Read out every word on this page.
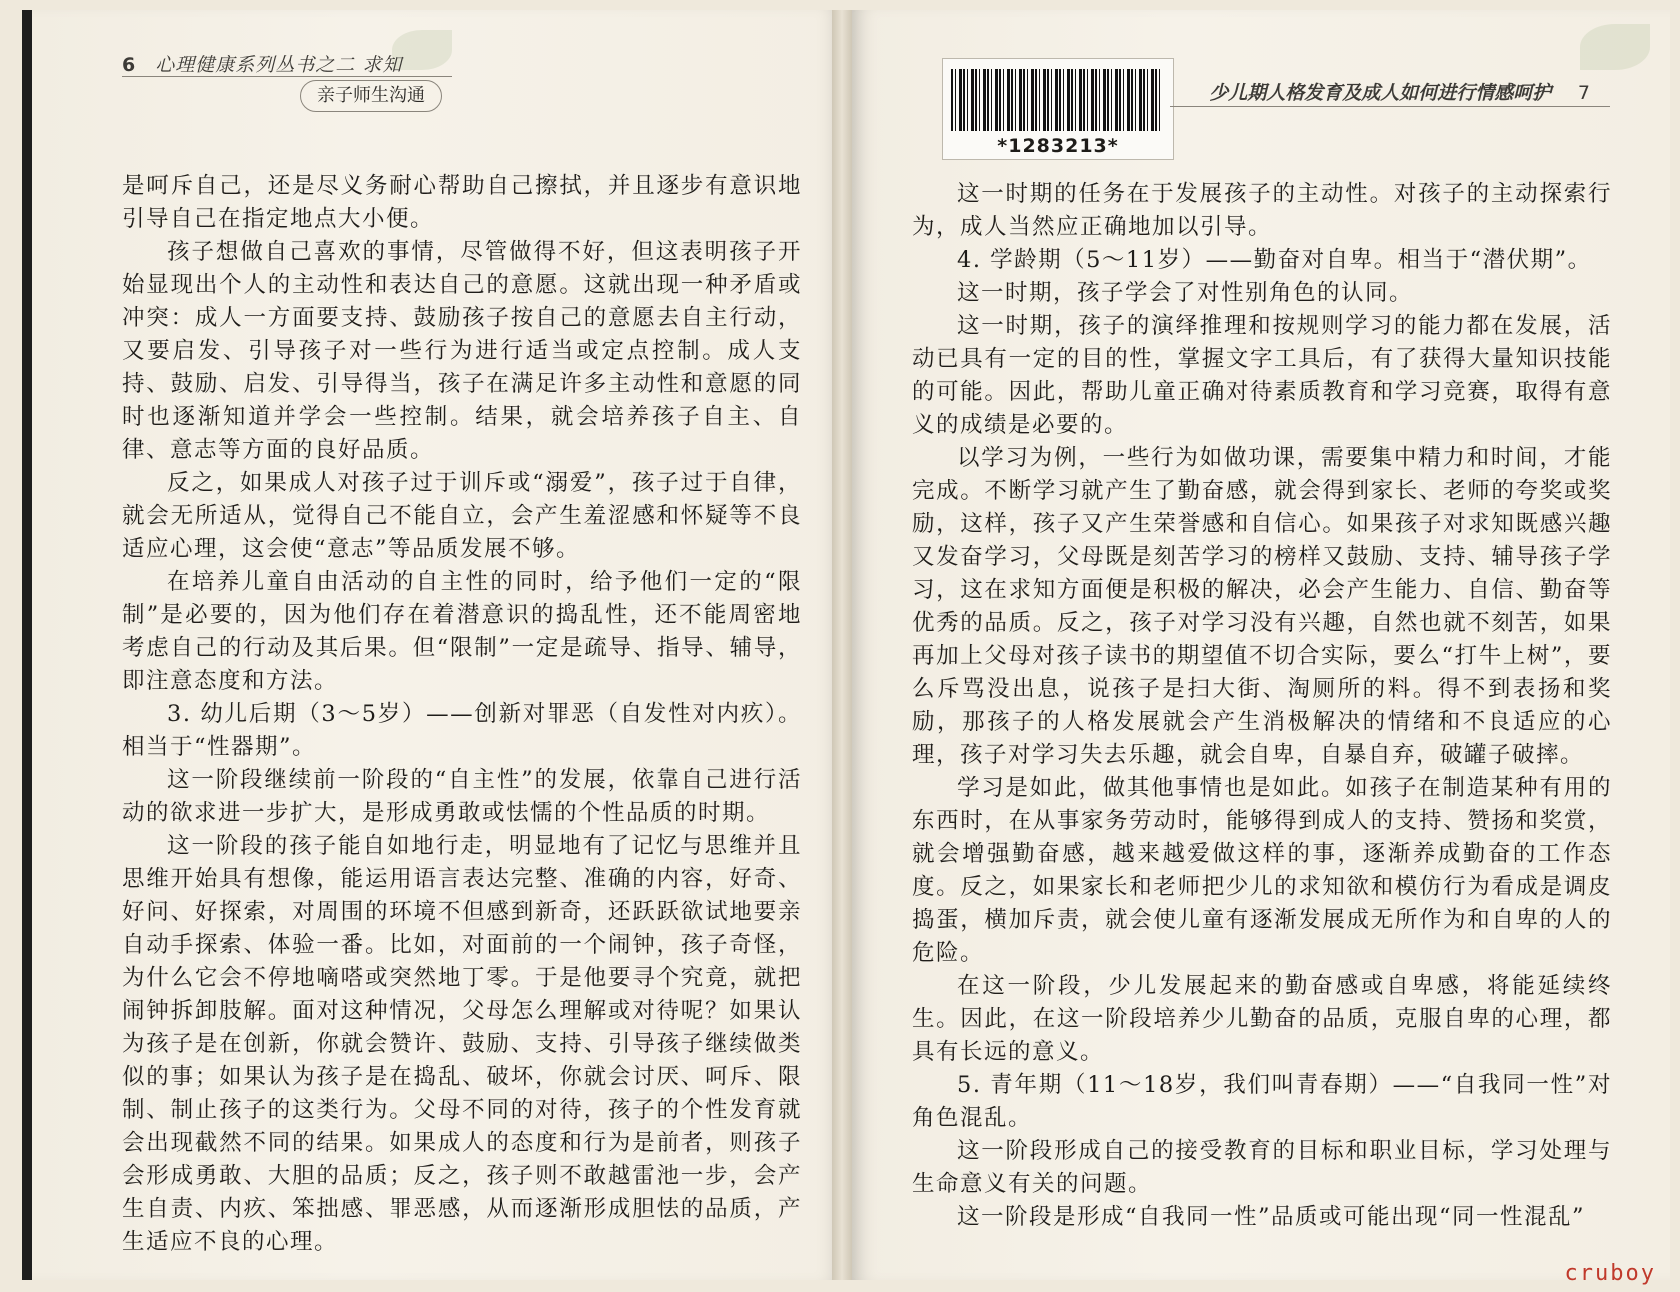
6 心理健康系列丛书之二 求知
亲子师生沟通

是呵斥自己，还是尽义务耐心帮助自己擦拭，并且逐步有意识地引导自己在指定地点大小便。

孩子想做自己喜欢的事情，尽管做得不好，但这表明孩子开始显现出个人的主动性和表达自己的意愿。这就出现一种矛盾或冲突：成人一方面要支持、鼓励孩子按自己的意愿去自主行动，又要启发、引导孩子对一些行为进行适当或定点控制。成人支持、鼓励、启发、引导得当，孩子在满足许多主动性和意愿的同时也逐渐知道并学会一些控制。结果，就会培养孩子自主、自律、意志等方面的良好品质。

反之，如果成人对孩子过于训斥或“溺爱”，孩子过于自律，就会无所适从，觉得自己不能自立，会产生羞涩感和怀疑等不良适应心理，这会使“意志”等品质发展不够。

在培养儿童自由活动的自主性的同时，给予他们一定的“限制”是必要的，因为他们存在着潜意识的捣乱性，还不能周密地考虑自己的行动及其后果。但“限制”一定是疏导、指导、辅导，即注意态度和方法。

3. 幼儿后期（3～5岁）——创新对罪恶（自发性对内疚）。相当于“性器期”。

这一阶段继续前一阶段的“自主性”的发展，依靠自己进行活动的欲求进一步扩大，是形成勇敢或怯懦的个性品质的时期。

这一阶段的孩子能自如地行走，明显地有了记忆与思维并且思维开始具有想像，能运用语言表达完整、准确的内容，好奇、好问、好探索，对周围的环境不但感到新奇，还跃跃欲试地要亲自动手探索、体验一番。比如，对面前的一个闹钟，孩子奇怪，为什么它会不停地嘀嗒或突然地丁零。于是他要寻个究竟，就把闹钟拆卸肢解。面对这种情况，父母怎么理解或对待呢？如果认为孩子是在创新，你就会赞许、鼓励、支持、引导孩子继续做类似的事；如果认为孩子是在捣乱、破坏，你就会讨厌、呵斥、限制、制止孩子的这类行为。父母不同的对待，孩子的个性发育就会出现截然不同的结果。如果成人的态度和行为是前者，则孩子会形成勇敢、大胆的品质；反之，孩子则不敢越雷池一步，会产生自责、内疚、笨拙感、罪恶感，从而逐渐形成胆怯的品质，产生适应不良的心理。

*1283213*
少儿期人格发育及成人如何进行情感呵护 7

这一时期的任务在于发展孩子的主动性。对孩子的主动探索行为，成人当然应正确地加以引导。

4. 学龄期（5～11岁）——勤奋对自卑。相当于“潜伏期”。

这一时期，孩子学会了对性别角色的认同。

这一时期，孩子的演绎推理和按规则学习的能力都在发展，活动已具有一定的目的性，掌握文字工具后，有了获得大量知识技能的可能。因此，帮助儿童正确对待素质教育和学习竞赛，取得有意义的成绩是必要的。

以学习为例，一些行为如做功课，需要集中精力和时间，才能完成。不断学习就产生了勤奋感，就会得到家长、老师的夸奖或奖励，这样，孩子又产生荣誉感和自信心。如果孩子对求知既感兴趣又发奋学习，父母既是刻苦学习的榜样又鼓励、支持、辅导孩子学习，这在求知方面便是积极的解决，必会产生能力、自信、勤奋等优秀的品质。反之，孩子对学习没有兴趣，自然也就不刻苦，如果再加上父母对孩子读书的期望值不切合实际，要么“打牛上树”，要么斥骂没出息，说孩子是扫大街、淘厕所的料。得不到表扬和奖励，那孩子的人格发展就会产生消极解决的情绪和不良适应的心理，孩子对学习失去乐趣，就会自卑，自暴自弃，破罐子破摔。

学习是如此，做其他事情也是如此。如孩子在制造某种有用的东西时，在从事家务劳动时，能够得到成人的支持、赞扬和奖赏，就会增强勤奋感，越来越爱做这样的事，逐渐养成勤奋的工作态度。反之，如果家长和老师把少儿的求知欲和模仿行为看成是调皮捣蛋，横加斥责，就会使儿童有逐渐发展成无所作为和自卑的人的危险。

在这一阶段，少儿发展起来的勤奋感或自卑感，将能延续终生。因此，在这一阶段培养少儿勤奋的品质，克服自卑的心理，都具有长远的意义。

5. 青年期（11～18岁，我们叫青春期）——“自我同一性”对角色混乱。

这一阶段形成自己的接受教育的目标和职业目标，学习处理与生命意义有关的问题。

这一阶段是形成“自我同一性”品质或可能出现“同一性混乱”

cruboy
